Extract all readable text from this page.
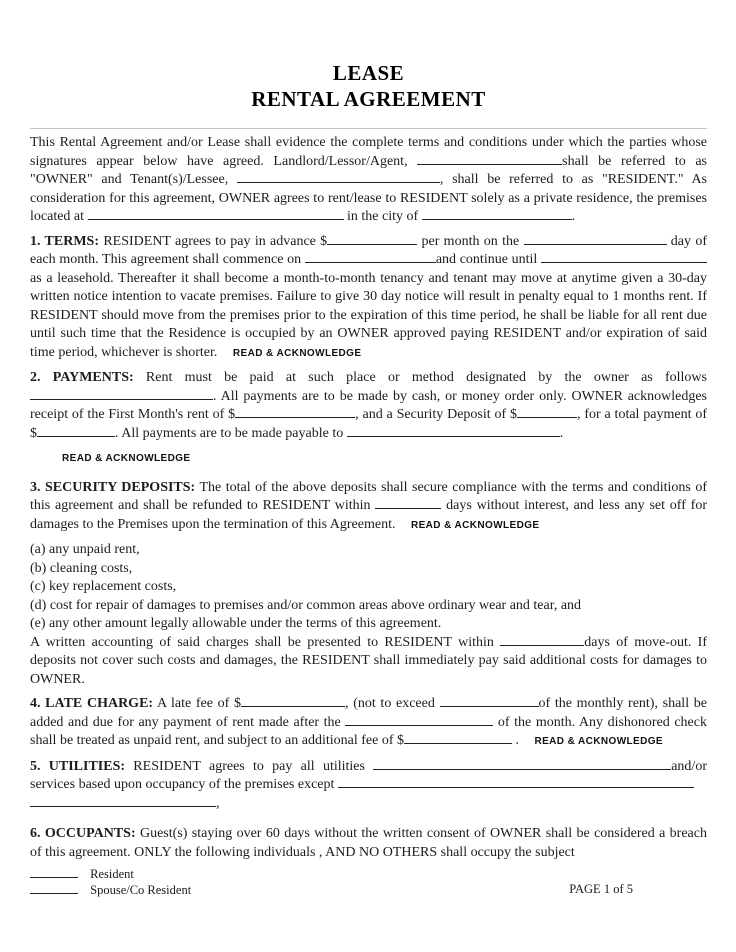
LEASE
RENTAL AGREEMENT
This Rental Agreement and/or Lease shall evidence the complete terms and conditions under which the parties whose signatures appear below have agreed. Landlord/Lessor/Agent,	shall be referred to as "OWNER" and Tenant(s)/Lessee,	, shall be referred to as "RESIDENT." As consideration for this agreement, OWNER agrees to rent/lease to RESIDENT solely as a private residence, the premises located at	in the city of	.
1. TERMS: RESIDENT agrees to pay in advance $	per month on the	day of each month. This agreement shall commence on	and continue until as a leasehold. Thereafter it shall become a month-to-month tenancy and tenant may move at anytime given a 30-day written notice intention to vacate premises. Failure to give 30 day notice will result in penalty equal to 1 months rent. If RESIDENT should move from the premises prior to the expiration of this time period, he shall be liable for all rent due until such time that the Residence is occupied by an OWNER approved paying RESIDENT and/or expiration of said time period, whichever is shorter. READ & ACKNOWLEDGE
2. PAYMENTS: Rent must be paid at such place or method designated by the owner as follows . All payments are to be made by cash, or money order only. OWNER acknowledges receipt of the First Month's rent of $	, and a Security Deposit of $	, for a total payment of $	. All payments are to be made payable to	.
READ & ACKNOWLEDGE
3. SECURITY DEPOSITS: The total of the above deposits shall secure compliance with the terms and conditions of this agreement and shall be refunded to RESIDENT within	days without interest, and less any set off for damages to the Premises upon the termination of this Agreement. READ & ACKNOWLEDGE
(a) any unpaid rent,
(b) cleaning costs,
(c) key replacement costs,
(d) cost for repair of damages to premises and/or common areas above ordinary wear and tear, and
(e) any other amount legally allowable under the terms of this agreement.
A written accounting of said charges shall be presented to RESIDENT within	days of move-out. If deposits not cover such costs and damages, the RESIDENT shall immediately pay said additional costs for damages to OWNER.
4. LATE CHARGE: A late fee of $	, (not to exceed	of the monthly rent), shall be added and due for any payment of rent made after the	of the month. Any dishonored check shall be treated as unpaid rent, and subject to an additional fee of $	. READ & ACKNOWLEDGE
5. UTILITIES: RESIDENT agrees to pay all utilities	and/or services based upon occupancy of the premises except
,
6. OCCUPANTS: Guest(s) staying over 60 days without the written consent of OWNER shall be considered a breach of this agreement. ONLY the following individuals , AND NO OTHERS shall occupy the subject
Resident
Spouse/Co Resident	PAGE 1 of 5
